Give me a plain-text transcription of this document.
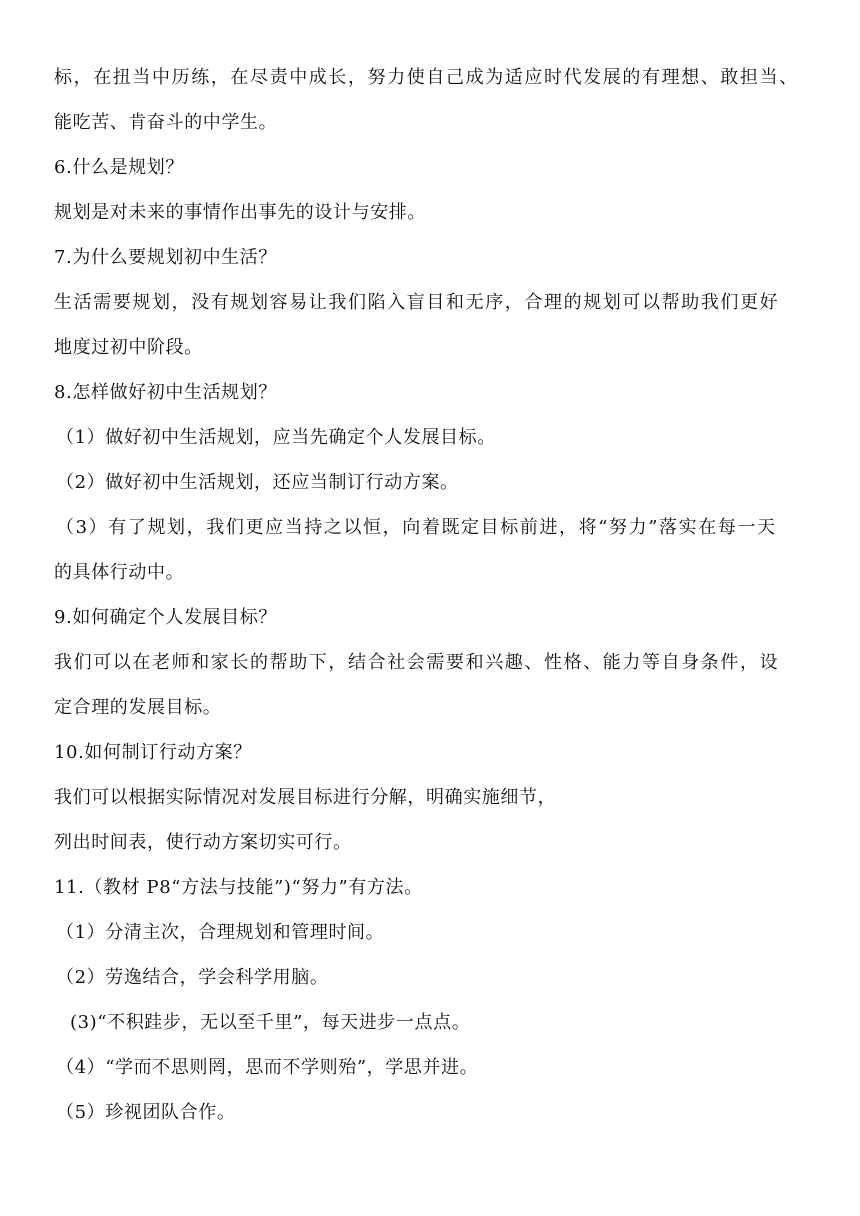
标，在扭当中历练，在尽责中成长，努力使自己成为适应时代发展的有理想、敢担当、
能吃苦、肯奋斗的中学生。
6.什么是规划？
规划是对未来的事情作出事先的设计与安排。
7.为什么要规划初中生活？
生活需要规划，没有规划容易让我们陷入盲目和无序，合理的规划可以帮助我们更好
地度过初中阶段。
8.怎样做好初中生活规划？
（1）做好初中生活规划，应当先确定个人发展目标。
（2）做好初中生活规划，还应当制订行动方案。
（3）有了规划，我们更应当持之以恒，向着既定目标前进，将“努力”落实在每一天
的具体行动中。
9.如何确定个人发展目标？
我们可以在老师和家长的帮助下，结合社会需要和兴趣、性格、能力等自身条件，设
定合理的发展目标。
10.如何制订行动方案？
我们可以根据实际情况对发展目标进行分解，明确实施细节，
列出时间表，使行动方案切实可行。
11.（教材 P8“方法与技能”)“努力”有方法。
（1）分清主次，合理规划和管理时间。
（2）劳逸结合，学会科学用脑。
(3)“不积跬步，无以至千里”，每天进步一点点。
（4）“学而不思则罔，思而不学则殆”，学思并进。
（5）珍视团队合作。
